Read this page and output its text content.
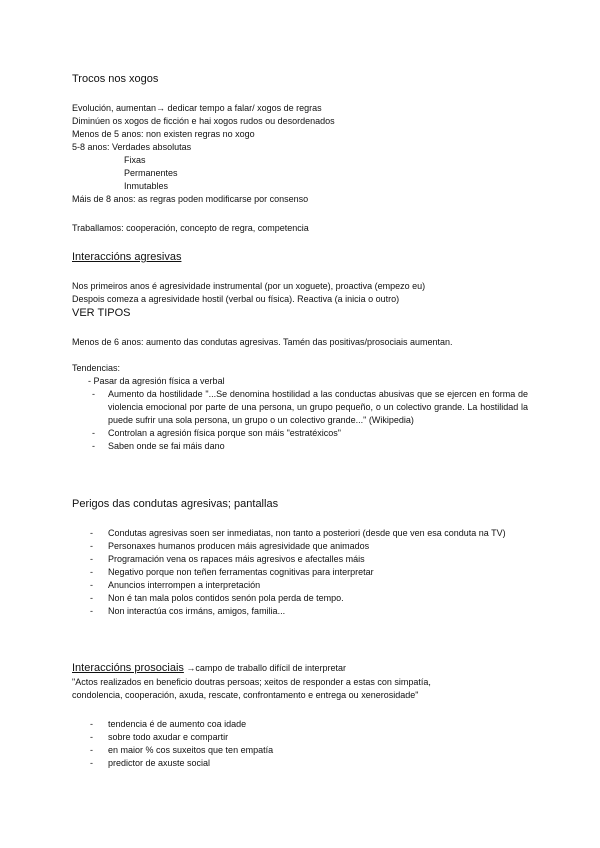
Trocos nos xogos
Evolución, aumentan→ dedicar tempo a falar/ xogos de regras
Diminúen os xogos de ficción e hai xogos rudos ou desordenados
Menos de 5 anos: non existen regras no xogo
5-8 anos: Verdades absolutas
Fixas
Permanentes
Inmutables
Máis de 8 anos: as regras poden modificarse por consenso
Traballamos: cooperación, concepto de regra, competencia
Interaccións agresivas
Nos primeiros anos é agresividade instrumental (por un xoguete), proactiva (empezo eu)
Despois comeza a agresividade hostil (verbal ou física). Reactiva (a inicia o outro)
VER TIPOS
Menos de 6 anos: aumento das condutas agresivas. Tamén das positivas/prosociais aumentan.
Tendencias:
- Pasar da agresión física a verbal
- Aumento da hostilidade "...Se denomina hostilidad a las conductas abusivas que se ejercen en forma de violencia emocional por parte de una persona, un grupo pequeño, o un colectivo grande. La hostilidad la puede sufrir una sola persona, un grupo o un colectivo grande..." (Wikipedia)
- Controlan a agresión física porque son máis "estratéxicos"
- Saben onde se fai máis dano
Perigos das condutas agresivas; pantallas
- Condutas agresivas soen ser inmediatas, non tanto a posteriori (desde que ven esa conduta na TV)
- Personaxes humanos producen máis agresividade que animados
- Programación vena os rapaces máis agresivos e afectalles máis
- Negativo porque non teñen ferramentas cognitivas para interpretar
- Anuncios interrompen a interpretación
- Non é tan mala polos contidos senón pola perda de tempo.
- Non interactúa cos irmáns, amigos, familia...
Interaccións prosociais →campo de traballo difícil de interpretar
"Actos realizados en beneficio doutras persoas; xeitos de responder a estas con simpatía, condolencia, cooperación, axuda, rescate, confrontamento e entrega ou xenerosidade"
- tendencia é de aumento coa idade
- sobre todo axudar e compartir
- en maior % cos suxeitos que ten empatía
- predictor de axuste social
